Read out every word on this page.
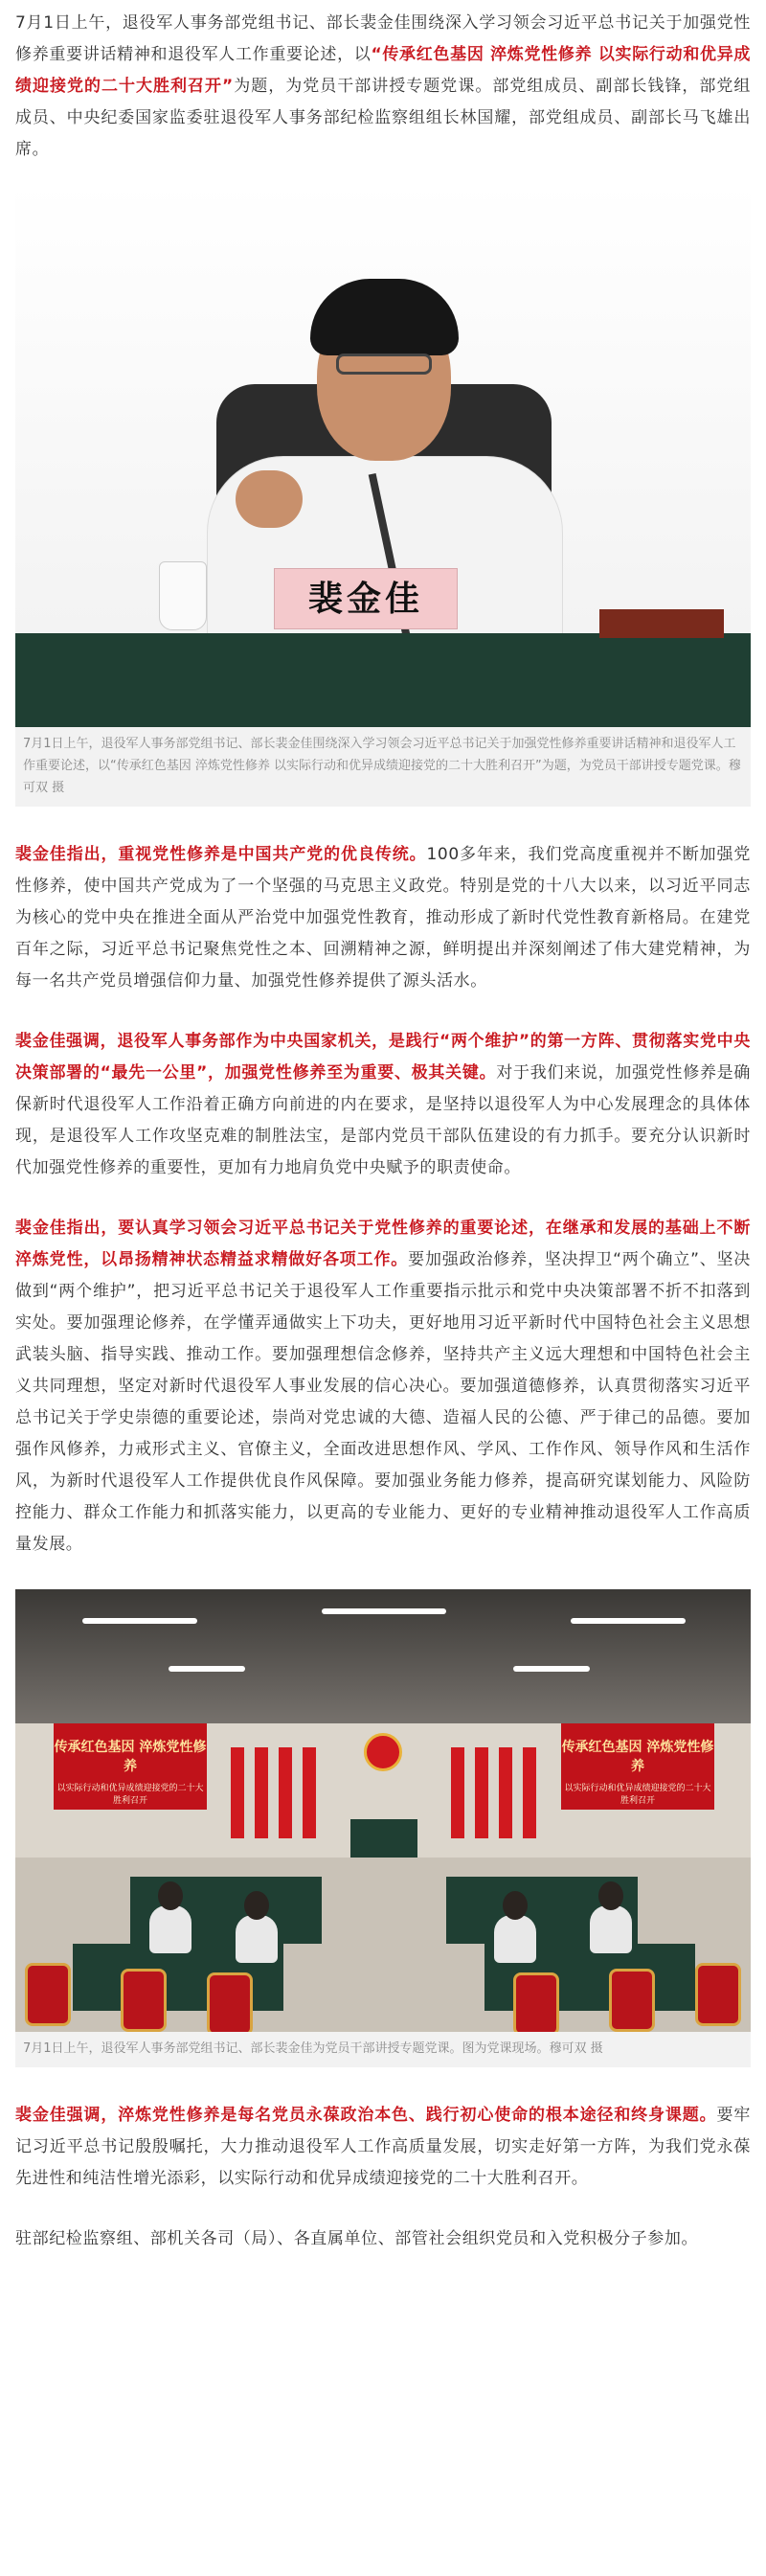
7月1日上午，退役军人事务部党组书记、部长裴金佳围绕深入学习领会习近平总书记关于加强党性修养重要讲话精神和退役军人工作重要论述，以“传承红色基因 淬炼党性修养 以实际行动和优异成绩迎接党的二十大胜利召开”为题，为党员干部讲授专题党课。部党组成员、副部长钱锋，部党组成员、中央纪委国家监委驻退役军人事务部纪检监察组组长林国耀，部党组成员、副部长马飞雄出席。

裴金佳
7月1日上午，退役军人事务部党组书记、部长裴金佳围绕深入学习领会习近平总书记关于加强党性修养重要讲话精神和退役军人工作重要论述，以“传承红色基因 淬炼党性修养 以实际行动和优异成绩迎接党的二十大胜利召开”为题，为党员干部讲授专题党课。穆可双 摄

裴金佳指出，重视党性修养是中国共产党的优良传统。100多年来，我们党高度重视并不断加强党性修养，使中国共产党成为了一个坚强的马克思主义政党。特别是党的十八大以来，以习近平同志为核心的党中央在推进全面从严治党中加强党性教育，推动形成了新时代党性教育新格局。在建党百年之际，习近平总书记聚焦党性之本、回溯精神之源，鲜明提出并深刻阐述了伟大建党精神，为每一名共产党员增强信仰力量、加强党性修养提供了源头活水。

裴金佳强调，退役军人事务部作为中央国家机关，是践行“两个维护”的第一方阵、贯彻落实党中央决策部署的“最先一公里”，加强党性修养至为重要、极其关键。对于我们来说，加强党性修养是确保新时代退役军人工作沿着正确方向前进的内在要求，是坚持以退役军人为中心发展理念的具体体现，是退役军人工作攻坚克难的制胜法宝，是部内党员干部队伍建设的有力抓手。要充分认识新时代加强党性修养的重要性，更加有力地肩负党中央赋予的职责使命。

裴金佳指出，要认真学习领会习近平总书记关于党性修养的重要论述，在继承和发展的基础上不断淬炼党性，以昂扬精神状态精益求精做好各项工作。要加强政治修养，坚决捍卫“两个确立”、坚决做到“两个维护”，把习近平总书记关于退役军人工作重要指示批示和党中央决策部署不折不扣落到实处。要加强理论修养，在学懂弄通做实上下功夫，更好地用习近平新时代中国特色社会主义思想武装头脑、指导实践、推动工作。要加强理想信念修养，坚持共产主义远大理想和中国特色社会主义共同理想，坚定对新时代退役军人事业发展的信心决心。要加强道德修养，认真贯彻落实习近平总书记关于学史崇德的重要论述，崇尚对党忠诚的大德、造福人民的公德、严于律己的品德。要加强作风修养，力戒形式主义、官僚主义，全面改进思想作风、学风、工作作风、领导作风和生活作风，为新时代退役军人工作提供优良作风保障。要加强业务能力修养，提高研究谋划能力、风险防控能力、群众工作能力和抓落实能力，以更高的专业能力、更好的专业精神推动退役军人工作高质量发展。

传承红色基因 淬炼党性修养
以实际行动和优异成绩迎接党的二十大胜利召开
传承红色基因 淬炼党性修养
以实际行动和优异成绩迎接党的二十大胜利召开
7月1日上午，退役军人事务部党组书记、部长裴金佳为党员干部讲授专题党课。图为党课现场。穆可双 摄

裴金佳强调，淬炼党性修养是每名党员永葆政治本色、践行初心使命的根本途径和终身课题。要牢记习近平总书记殷殷嘱托，大力推动退役军人工作高质量发展，切实走好第一方阵，为我们党永葆先进性和纯洁性增光添彩，以实际行动和优异成绩迎接党的二十大胜利召开。

驻部纪检监察组、部机关各司（局）、各直属单位、部管社会组织党员和入党积极分子参加。
